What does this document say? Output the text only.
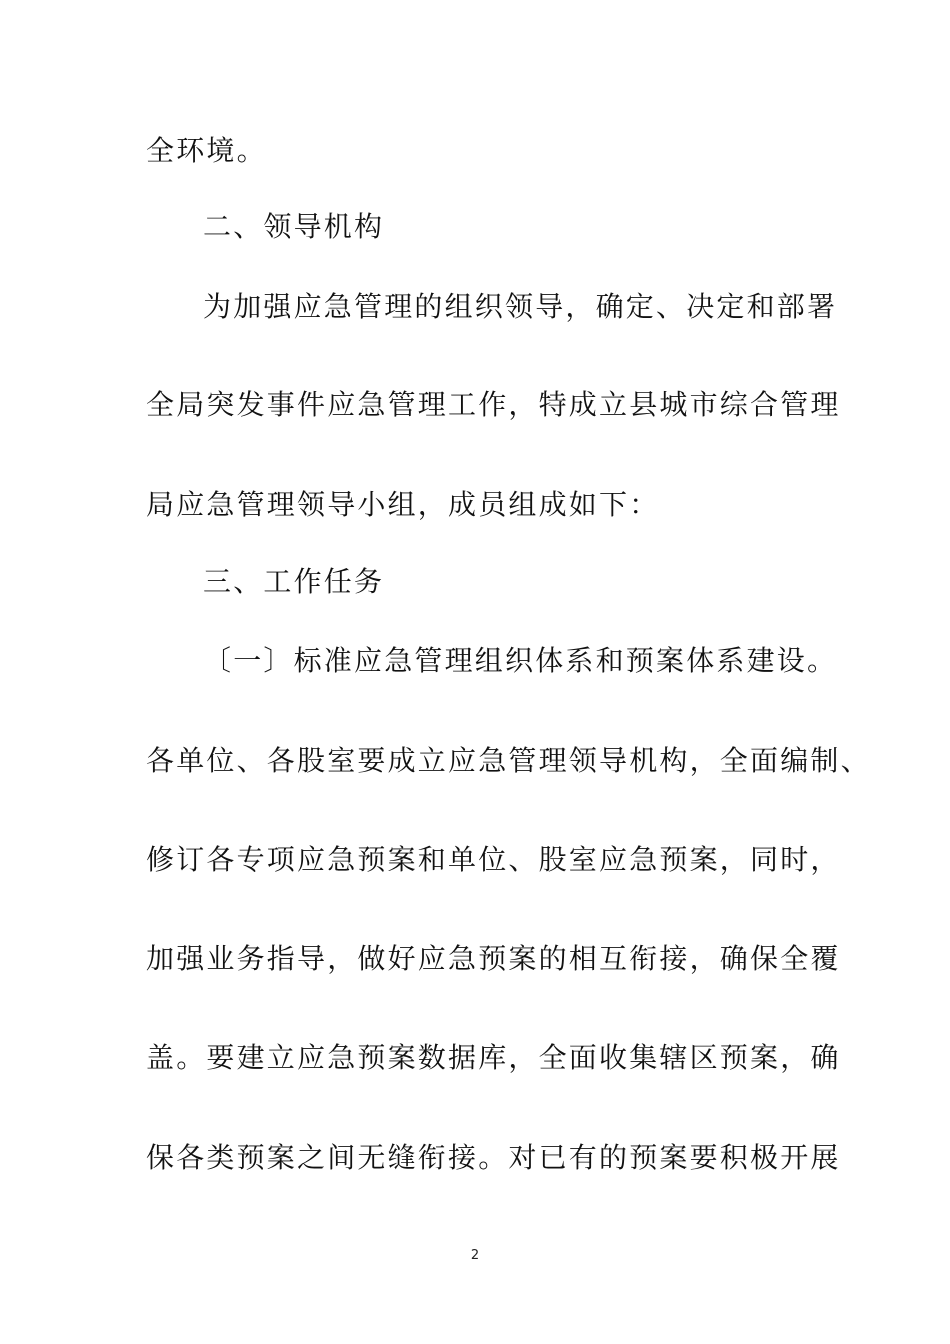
全环境。
二、领导机构
为加强应急管理的组织领导，确定、决定和部署
全局突发事件应急管理工作，特成立县城市综合管理
局应急管理领导小组，成员组成如下：
三、工作任务
〔一〕标准应急管理组织体系和预案体系建设。
各单位、各股室要成立应急管理领导机构，全面编制、
修订各专项应急预案和单位、股室应急预案，同时，
加强业务指导，做好应急预案的相互衔接，确保全覆
盖。要建立应急预案数据库，全面收集辖区预案，确
保各类预案之间无缝衔接。对已有的预案要积极开展
2
